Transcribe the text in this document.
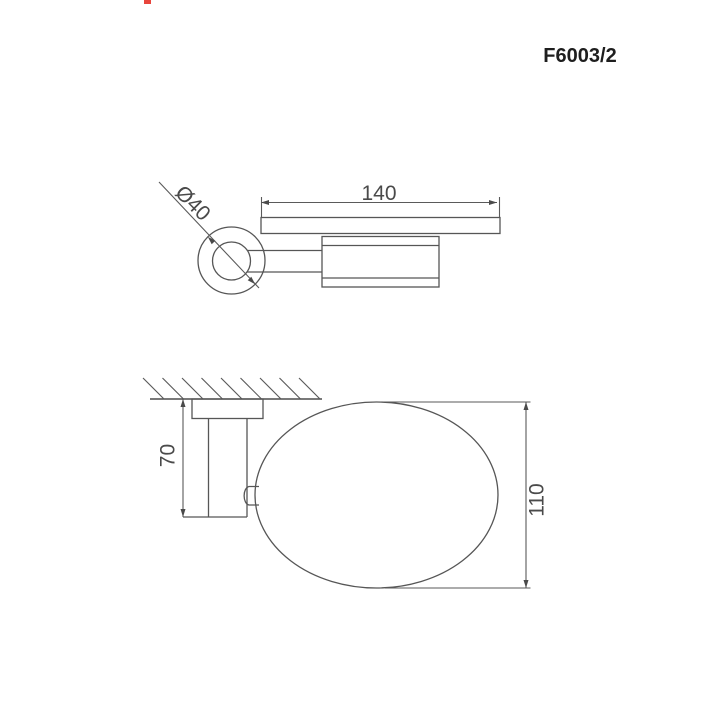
F6003/2
Ø40	140
70
110
